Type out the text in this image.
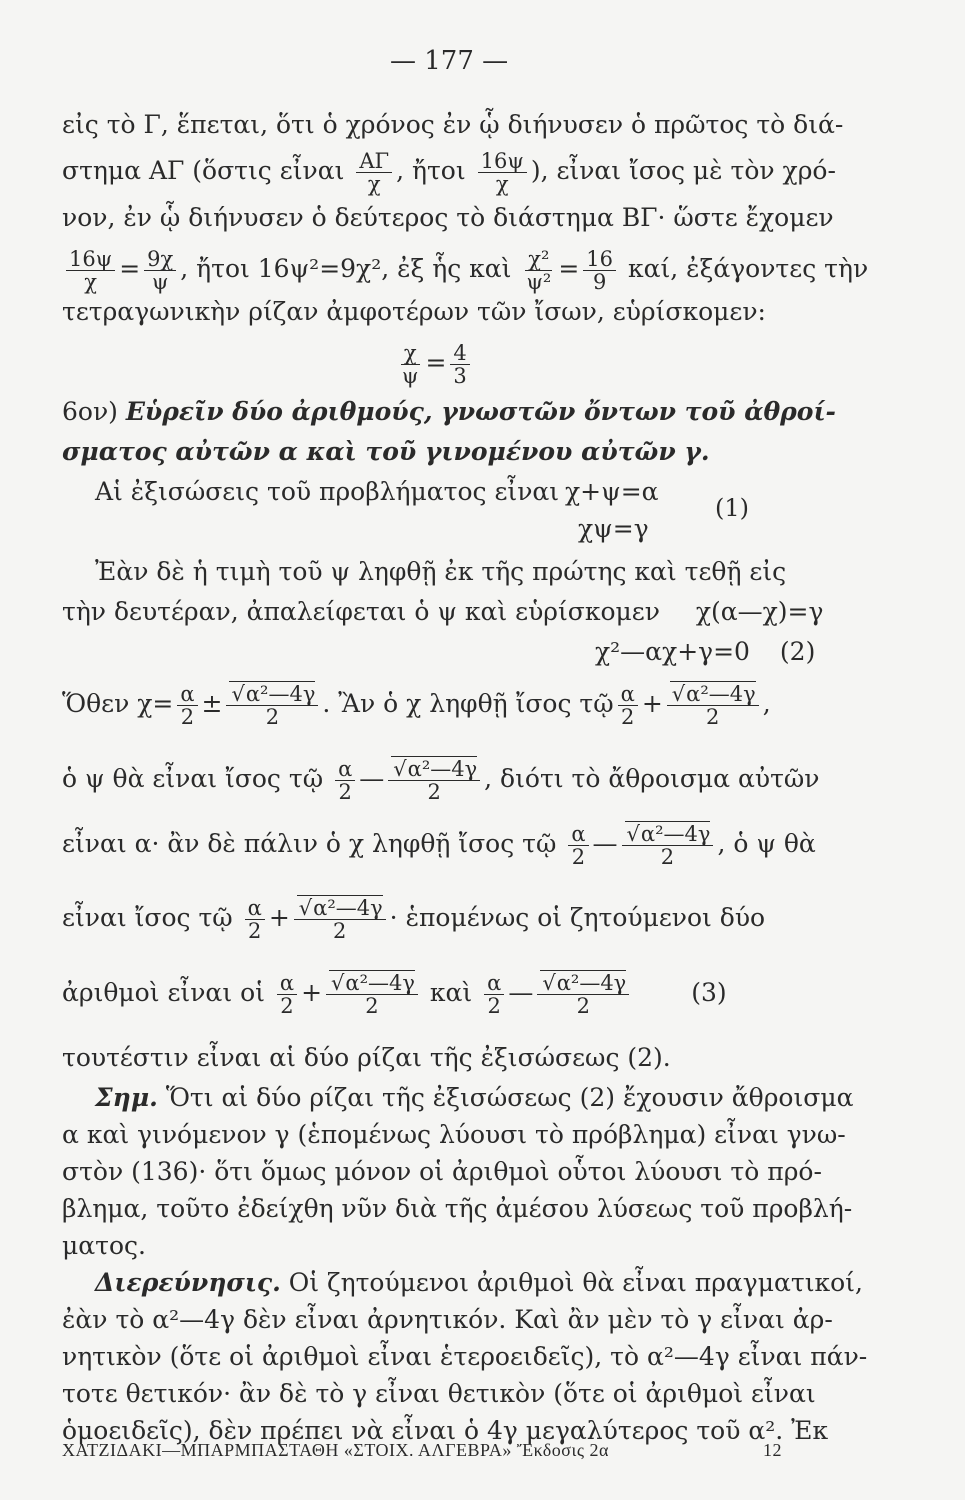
— 177 —
εἰς τὸ Γ, ἕπεται, ὅτι ὁ χρόνος ἐν ᾧ διήνυσεν ὁ πρῶτος τὸ διά-
στημα ΑΓ (ὅστις εἶναι $\frac{A\Gamma}{\chi}$ , ἤτοι $\frac{16\psi}{\chi}$ ), εἶναι ἴσος μὲ τὸν χρό-
νον, ἐν ᾧ διήνυσεν ὁ δεύτερος τὸ διάστημα ΒΓ· ὥστε ἔχομεν
$\frac{16\psi}{\chi} = \frac{9\chi}{\psi}$ , ἤτοι 16ψ²=9χ², ἐξ ἧς καὶ $\frac{\text{χ²}}{\text{ψ²}} = \frac{16}{9} \kappa\alpha ί$, ἐξάγοντες τὴν
τετραγωνικὴν ρίζαν ἀμφοτέρων τῶν ἴσων, εὑρίσκομεν:
$\frac{\chi}{\psi} = \frac{4}{3}$
6ον) Εὑρεῖν δύο ἀριθμούς, γνωστῶν ὄντων τοῦ ἀθροί-
σματος αὐτῶν α καὶ τοῦ γινομένου αὐτῶν γ.
Αἱ ἐξισώσεις τοῦ προβλήματος εἶναι χ+ψ=α
(1)
χψ=γ
Ἐὰν δὲ ἡ τιμὴ τοῦ ψ ληφθῇ ἐκ τῆς πρώτης καὶ τεθῇ εἰς
τὴν δευτέραν, ἀπαλείφεται ὁ ψ καὶ εὑρίσκομεν χ(α—χ)=γ
χ²—αχ+γ=0 (2)
Ὅθεν $\chi= \frac{\alpha}{2}$ ± √ $\frac{\text{α²—4γ}}{2}$ . Ἂν ὁ χ ληφθῇ ἴσος τῷ $\frac{\alpha}{2}$ + √ $\frac{\text{α²—4γ}}{2}$ ,
ὁ ψ θὰ εἶναι ἴσος τῷ $\frac{\alpha}{2}$ — √ $\frac{\text{α²—4γ}}{2}$ , διότι τὸ ἄθροισμα αὐτῶν
εἶναι α· ἂν δὲ πάλιν ὁ χ ληφθῇ ἴσος τῷ $\frac{\alpha}{2}$ — √ $\frac{\text{α²—4γ}}{2}$ , ὁ ψ θὰ
εἶναι ἴσος τῷ $\frac{\alpha}{2}$ + √ $\frac{\text{α²—4γ}}{2}$ · ἑπομένως οἱ ζητούμενοι δύο
ἀριθμοὶ εἶναι οἱ $\frac{\alpha}{2}$ + √ $\frac{\text{α²—4γ}}{2}$ καὶ $\frac{\alpha}{2}$ — √ $\frac{\text{α²—4γ}}{2} (3)$
τουτέστιν εἶναι αἱ δύο ρίζαι τῆς ἐξισώσεως (2).
Σημ. Ὅτι αἱ δύο ρίζαι τῆς ἐξισώσεως (2) ἔχουσιν ἄθροισμα
α καὶ γινόμενον γ (ἑπομένως λύουσι τὸ πρόβλημα) εἶναι γνω-
στὸν (136)· ὅτι ὅμως μόνον οἱ ἀριθμοὶ οὗτοι λύουσι τὸ πρό-
βλημα, τοῦτο ἐδείχθη νῦν διὰ τῆς ἀμέσου λύσεως τοῦ προβλή-
ματος.
Διερεύνησις. Οἱ ζητούμενοι ἀριθμοὶ θὰ εἶναι πραγματικοί,
ἐὰν τὸ α²—4γ δὲν εἶναι ἀρνητικόν. Καὶ ἂν μὲν τὸ γ εἶναι ἀρ-
νητικὸν (ὅτε οἱ ἀριθμοὶ εἶναι ἑτεροειδεῖς), τὸ α²—4γ εἶναι πάν-
τοτε θετικόν· ἂν δὲ τὸ γ εἶναι θετικὸν (ὅτε οἱ ἀριθμοὶ εἶναι
ὁμοειδεῖς), δὲν πρέπει νὰ εἶναι ὁ 4γ μεγαλύτερος τοῦ α². Ἐκ
ΧΑΤΖΙΔΑΚΙ—ΜΠΑΡΜΠΑΣΤΑΘΗ «ΣΤΟΙΧ. ΑΛΓΕΒΡΑ» Ἔκδοσις 2α	12
